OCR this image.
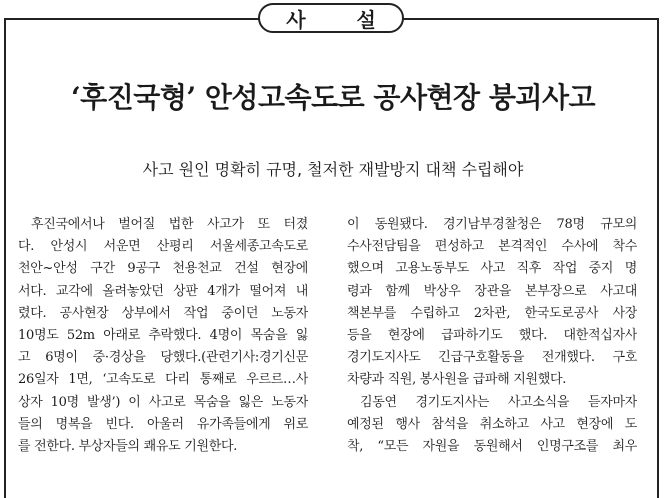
사 설
‘후진국형’ 안성고속도로 공사현장 붕괴사고
사고 원인 명확히 규명, 철저한 재발방지 대책 수립해야
후진국에서나 벌어질 법한 사고가 또 터졌
다. 안성시 서운면 산평리 서울세종고속도로
천안~안성 구간 9공구 천용천교 건설 현장에
서다. 교각에 올려놓았던 상판 4개가 떨어져 내
렸다. 공사현장 상부에서 작업 중이던 노동자
10명도 52m 아래로 추락했다. 4명이 목숨을 잃
고 6명이 중·경상을 당했다.(관련기사:경기신문
26일자 1면, ‘고속도로 다리 통째로 우르르…사
상자 10명 발생’) 이 사고로 목숨을 잃은 노동자
들의 명복을 빈다. 아울러 유가족들에게 위로
를 전한다. 부상자들의 쾌유도 기원한다.
이 동원됐다. 경기남부경찰청은 78명 규모의
수사전담팀을 편성하고 본격적인 수사에 착수
했으며 고용노동부도 사고 직후 작업 중지 명
령과 함께 박상우 장관을 본부장으로 사고대
책본부를 수립하고 2차관, 한국도로공사 사장
등을 현장에 급파하기도 했다. 대한적십자사
경기도지사도 긴급구호활동을 전개했다. 구호
차량과 직원, 봉사원을 급파해 지원했다.
김동연 경기도지사는 사고소식을 듣자마자
예정된 행사 참석을 취소하고 사고 현장에 도
착, “모든 자원을 동원해서 인명구조를 최우
